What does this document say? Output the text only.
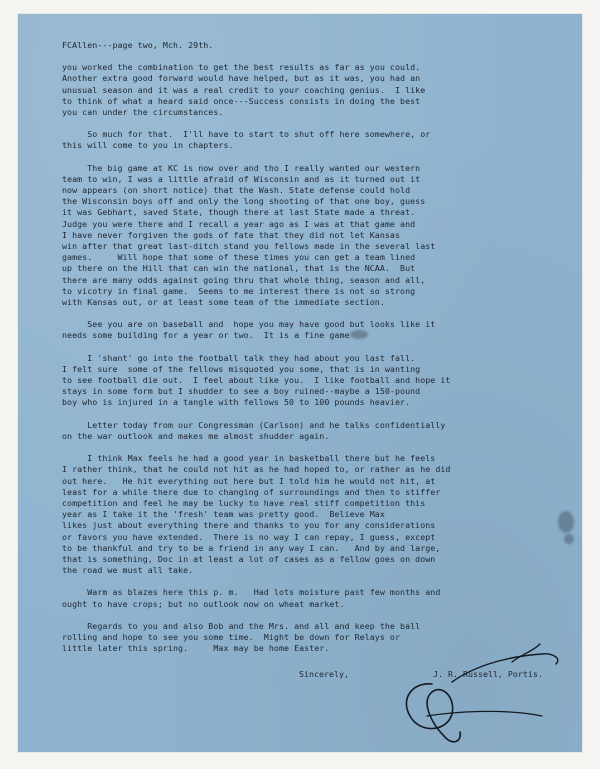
FCAllen---page two, Mch. 29th.
you worked the combination to get the best results as far as you could.
Another extra good forward would have helped, but as it was, you had an
unusual season and it was a real credit to your coaching genius.  I like
to think of what a heard said once---Success consists in doing the best
you can under the circumstances.
So much for that.  I'll have to start to shut off here somewhere, or
this will come to you in chapters.
The big game at KC is now over and tho I really wanted our western
team to win, I was a little afraid of Wisconsin and as it turned out it
now appears (on short notice) that the Wash. State defense could hold
the Wisconsin boys off and only the long shooting of that one boy, guess
it was Gebhart, saved State, though there at last State made a threat.
Judge you were there and I recall a year ago as I was at that game and
I have never forgiven the gods of fate that they did not let Kansas
win after that great last-ditch stand you fellows made in the several last
games.     Will hope that some of these times you can get a team lined
up there on the Hill that can win the national, that is the NCAA.  But
there are many odds against going thru that whole thing, season and all,
to vicotry in final game.  Seems to me interest there is not so strong
with Kansas out, or at least some team of the immediate section.
See you are on baseball and  hope you may have good but looks like it
needs some building for a year or two.  It is a fine game
I 'shant' go into the football talk they had about you last fall.
I felt sure  some of the fellows misquoted you some, that is in wanting
to see football die out.  I feel about like you.  I like football and hope it
stays in some form but I shudder to see a boy ruined--maybe a 150-pound
boy who is injured in a tangle with fellows 50 to 100 pounds heavier.
Letter today from our Congressman (Carlson) and he talks confidentially
on the war outlook and makes me almost shudder again.
I think Max feels he had a good year in basketball there but he feels
I rather think, that he could not hit as he had hoped to, or rather as he did
out here.   He hit everything out here but I told him he would not hit, at
least for a while there due to changing of surroundings and then to stiffer
competition and feel he may be lucky to have real stiff competition this
year as I take it the 'fresh' team was pretty good.  Believe Max
likes just about everything there and thanks to you for any considerations
or favors you have extended.  There is no way I can repay, I guess, except
to be thankful and try to be a friend in any way I can.   And by and large,
that is something, Doc in at least a lot of cases as a fellow goes on down
the road we must all take.
Warm as blazes here this p. m.   Had lots moisture past few months and
ought to have crops; but no outlook now on wheat market.
Regards to you and also Bob and the Mrs. and all and keep the ball
rolling and hope to see you some time.  Might be down for Relays or
little later this spring.     Max may be home Easter.
Sincerely,	J. R. Russell, Portis.
